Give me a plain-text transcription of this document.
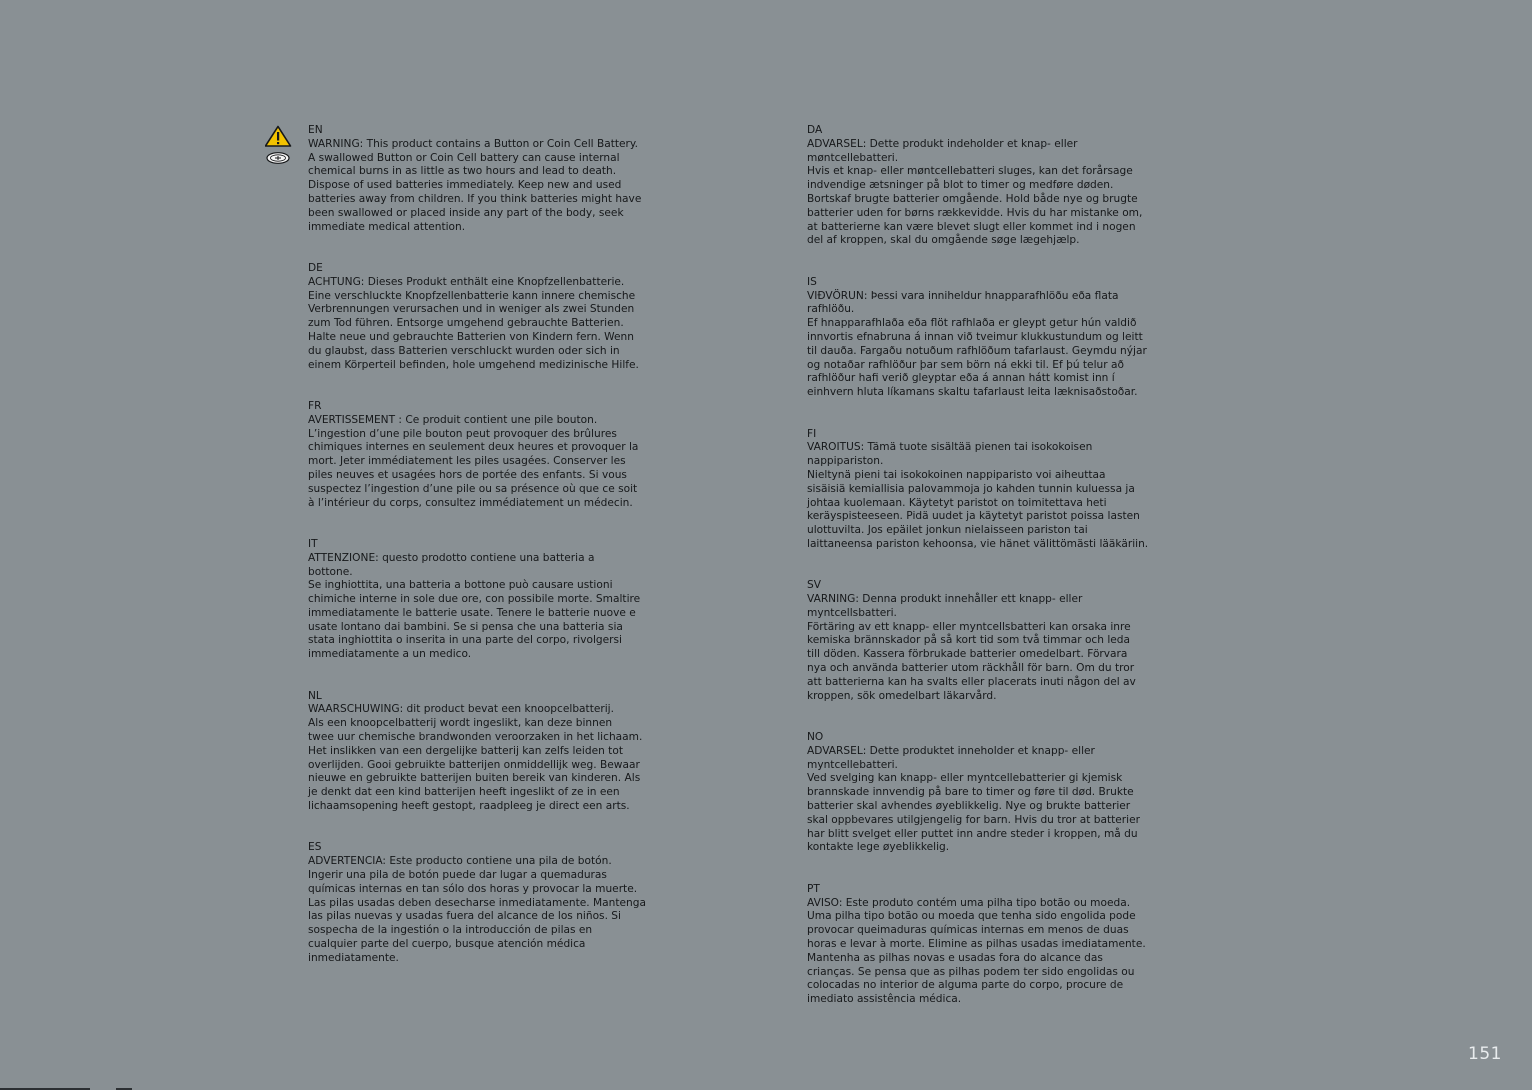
EN

WARNING: This product contains a Button or Coin Cell Battery.

A swallowed Button or Coin Cell battery can cause internal

chemical burns in as little as two hours and lead to death.

Dispose of used batteries immediately. Keep new and used

batteries away from children. If you think batteries might have

been swallowed or placed inside any part of the body, seek

immediate medical attention.

DE

ACHTUNG: Dieses Produkt enthält eine Knopfzellenbatterie.

Eine verschluckte Knopfzellenbatterie kann innere chemische

Verbrennungen verursachen und in weniger als zwei Stunden

zum Tod führen. Entsorge umgehend gebrauchte Batterien.

Halte neue und gebrauchte Batterien von Kindern fern. Wenn

du glaubst, dass Batterien verschluckt wurden oder sich in

einem Körperteil befinden, hole umgehend medizinische Hilfe.

FR

AVERTISSEMENT : Ce produit contient une pile bouton.

L’ingestion d’une pile bouton peut provoquer des brûlures

chimiques internes en seulement deux heures et provoquer la

mort. Jeter immédiatement les piles usagées. Conserver les

piles neuves et usagées hors de portée des enfants. Si vous

suspectez l’ingestion d’une pile ou sa présence où que ce soit

à l’intérieur du corps, consultez immédiatement un médecin.

IT

ATTENZIONE: questo prodotto contiene una batteria a

bottone.

Se inghiottita, una batteria a bottone può causare ustioni

chimiche interne in sole due ore, con possibile morte. Smaltire

immediatamente le batterie usate. Tenere le batterie nuove e

usate lontano dai bambini. Se si pensa che una batteria sia

stata inghiottita o inserita in una parte del corpo, rivolgersi

immediatamente a un medico.

NL

WAARSCHUWING: dit product bevat een knoopcelbatterij.

Als een knoopcelbatterij wordt ingeslikt, kan deze binnen

twee uur chemische brandwonden veroorzaken in het lichaam.

Het inslikken van een dergelijke batterij kan zelfs leiden tot

overlijden. Gooi gebruikte batterijen onmiddellijk weg. Bewaar

nieuwe en gebruikte batterijen buiten bereik van kinderen. Als

je denkt dat een kind batterijen heeft ingeslikt of ze in een

lichaamsopening heeft gestopt, raadpleeg je direct een arts.

ES

ADVERTENCIA: Este producto contiene una pila de botón.

Ingerir una pila de botón puede dar lugar a quemaduras

químicas internas en tan sólo dos horas y provocar la muerte.

Las pilas usadas deben desecharse inmediatamente. Mantenga

las pilas nuevas y usadas fuera del alcance de los niños. Si

sospecha de la ingestión o la introducción de pilas en

cualquier parte del cuerpo, busque atención médica

inmediatamente.

DA

ADVARSEL: Dette produkt indeholder et knap- eller

møntcellebatteri.

Hvis et knap- eller møntcellebatteri sluges, kan det forårsage

indvendige ætsninger på blot to timer og medføre døden.

Bortskaf brugte batterier omgående. Hold både nye og brugte

batterier uden for børns rækkevidde. Hvis du har mistanke om,

at batterierne kan være blevet slugt eller kommet ind i nogen

del af kroppen, skal du omgående søge lægehjælp.

IS

VIÐVÖRUN: Þessi vara inniheldur hnapparafhlöðu eða flata

rafhlöðu.

Ef hnapparafhlaða eða flöt rafhlaða er gleypt getur hún valdið

innvortis efnabruna á innan við tveimur klukkustundum og leitt

til dauða. Fargaðu notuðum rafhlöðum tafarlaust. Geymdu nýjar

og notaðar rafhlöður þar sem börn ná ekki til. Ef þú telur að

rafhlöður hafi verið gleyptar eða á annan hátt komist inn í

einhvern hluta líkamans skaltu tafarlaust leita læknisaðstoðar.

FI

VAROITUS: Tämä tuote sisältää pienen tai isokokoisen

nappipariston.

Nieltynä pieni tai isokokoinen nappiparisto voi aiheuttaa

sisäisiä kemiallisia palovammoja jo kahden tunnin kuluessa ja

johtaa kuolemaan. Käytetyt paristot on toimitettava heti

keräyspisteeseen. Pidä uudet ja käytetyt paristot poissa lasten

ulottuvilta. Jos epäilet jonkun nielaisseen pariston tai

laittaneensa pariston kehoonsa, vie hänet välittömästi lääkäriin.

SV

VARNING: Denna produkt innehåller ett knapp- eller

myntcellsbatteri.

Förtäring av ett knapp- eller myntcellsbatteri kan orsaka inre

kemiska brännskador på så kort tid som två timmar och leda

till döden. Kassera förbrukade batterier omedelbart. Förvara

nya och använda batterier utom räckhåll för barn. Om du tror

att batterierna kan ha svalts eller placerats inuti någon del av

kroppen, sök omedelbart läkarvård.

NO

ADVARSEL: Dette produktet inneholder et knapp- eller

myntcellebatteri.

Ved svelging kan knapp- eller myntcellebatterier gi kjemisk

brannskade innvendig på bare to timer og føre til død. Brukte

batterier skal avhendes øyeblikkelig. Nye og brukte batterier

skal oppbevares utilgjengelig for barn. Hvis du tror at batterier

har blitt svelget eller puttet inn andre steder i kroppen, må du

kontakte lege øyeblikkelig.

PT

AVISO: Este produto contém uma pilha tipo botão ou moeda.

Uma pilha tipo botão ou moeda que tenha sido engolida pode

provocar queimaduras químicas internas em menos de duas

horas e levar à morte. Elimine as pilhas usadas imediatamente.

Mantenha as pilhas novas e usadas fora do alcance das

crianças. Se pensa que as pilhas podem ter sido engolidas ou

colocadas no interior de alguma parte do corpo, procure de

imediato assistência médica.

151
